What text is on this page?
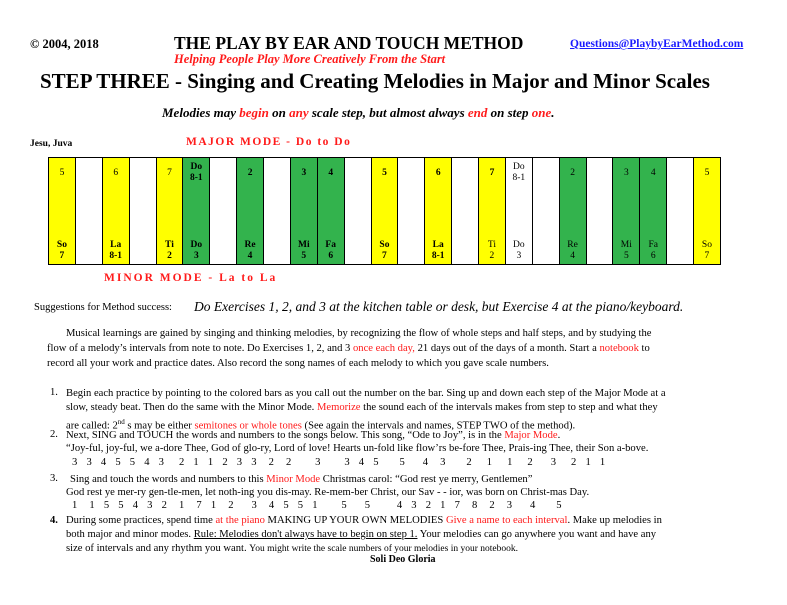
© 2004, 2018	THE PLAY BY EAR AND TOUCH METHOD	Questions@PlaybyEarMethod.com
Helping People Play More Creatively From the Start
STEP THREE - Singing and Creating Melodies in Major and Minor Scales
Melodies may begin on any scale step, but almost always end on step one.
Jesu, Juva	MAJOR MODE - Do to Do
5
So
7
6
La
8-1
7
Ti
2
Do
8-1
Do
3
2
Re
4
3
Mi
5
4
Fa
6
5
So
7
6
La
8-1
7
Ti
2
Do
8-1
Do
3
2
Re
4
3
Mi
5
4
Fa
6
5
So
7
MINOR MODE - La to La
Suggestions for Method success: Do Exercises 1, 2, and 3 at the kitchen table or desk, but Exercise 4 at the piano/keyboard.
Musical learnings are gained by singing and thinking melodies, by recognizing the flow of whole steps and half steps, and by studying the
flow of a melody’s intervals from note to note. Do Exercises 1, 2, and 3 once each day, 21 days out of the days of a month. Start a notebook to
record all your work and practice dates. Also record the song names of each melody to which you gave scale numbers.
1. Begin each practice by pointing to the colored bars as you call out the number on the bar. Sing up and down each step of the Major Mode at a
slow, steady beat. Then do the same with the Minor Mode. Memorize the sound each of the intervals makes from step to step and what they
are called: 2nd s may be either semitones or whole tones (See again the intervals and names, STEP TWO of the method).
2. Next, SING and TOUCH the words and numbers to the songs below. This song, “Ode to Joy”, is in the Major Mode.
“Joy-ful, joy-ful, we a-dore Thee, God of glo-ry, Lord of love! Hearts un-fold like flow’rs be-fore Thee, Prais-ing Thee, their Son a-bove.
3   3   4   5   5   4   3     2   1   1   2   3   3    2    2        3        3   4   5       5      4    3       2     1     1     2      3     2   1   1
3. Sing and touch the words and numbers to this Minor Mode Christmas carol: “God rest ye merry, Gentlemen”
God rest ye mer-ry gen-tle-men, let noth-ing you dis-may. Re-mem-ber Christ, our Sav - - ior, was born on Christ-mas Day.
1    1   5   5   4   3   2    1    7   1    2      3    4   5   5   1        5      5         4   3   2   1   7    8    2    3      4       5
4. During some practices, spend time at the piano MAKING UP YOUR OWN MELODIES Give a name to each interval. Make up melodies in
both major and minor modes. Rule: Melodies don't always have to begin on step 1. Your melodies can go anywhere you want and have any
size of intervals and any rhythm you want. You might write the scale numbers of your melodies in your notebook.
Soli Deo Gloria
